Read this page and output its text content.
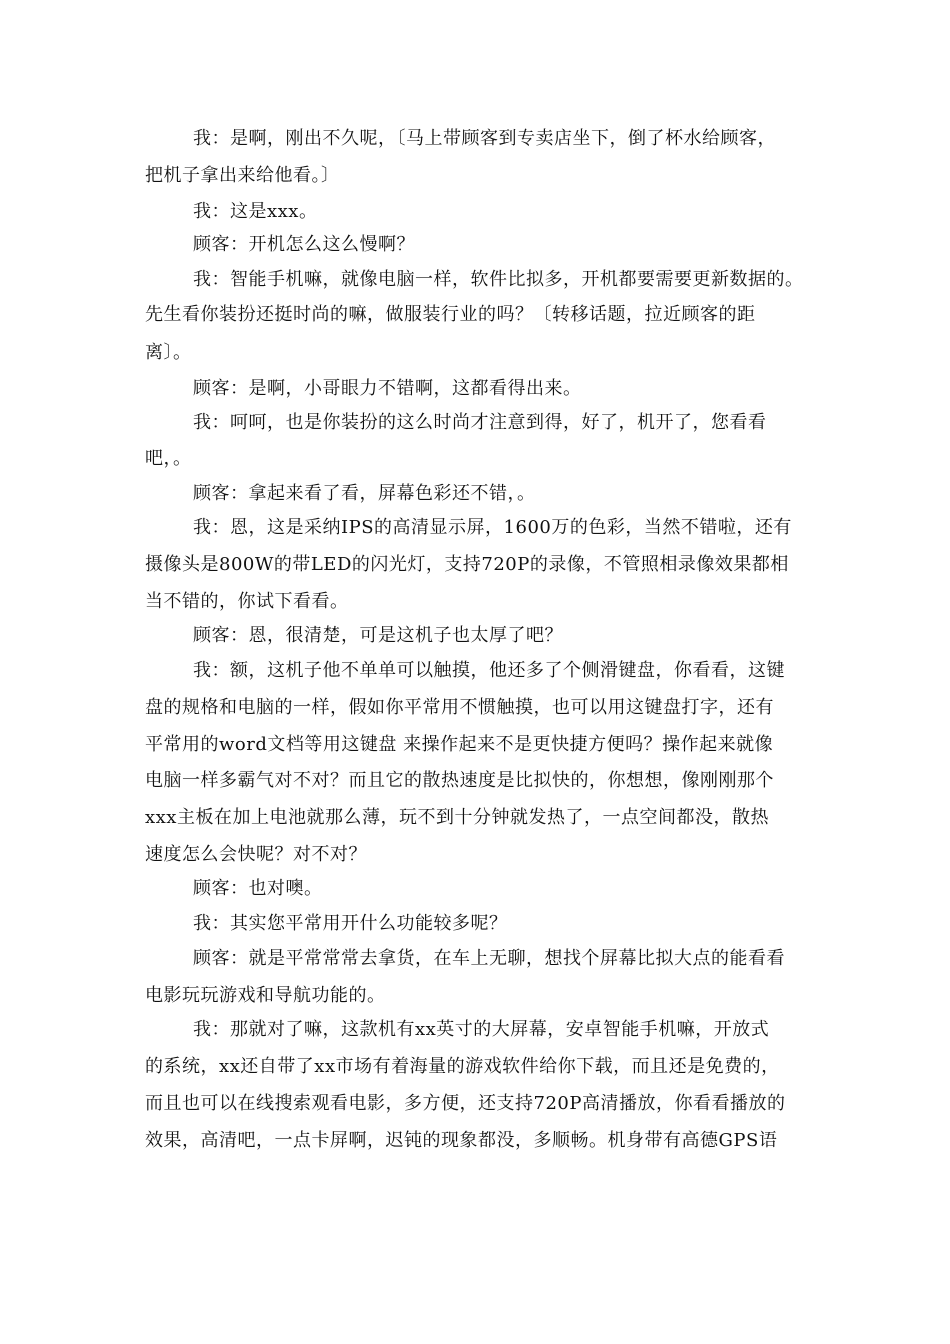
我：是啊，刚出不久呢，〔马上带顾客到专卖店坐下，倒了杯水给顾客，
把机子拿出来给他看。〕
我：这是xxx。
顾客：开机怎么这么慢啊？
我：智能手机嘛，就像电脑一样，软件比拟多，开机都要需要更新数据的。
先生看你装扮还挺时尚的嘛，做服装行业的吗？〔转移话题，拉近顾客的距
离〕。
顾客：是啊，小哥眼力不错啊，这都看得出来。
我：呵呵，也是你装扮的这么时尚才注意到得，好了，机开了，您看看
吧，。
顾客：拿起来看了看，屏幕色彩还不错，。
我：恩，这是采纳IPS的高清显示屏，1600万的色彩，当然不错啦，还有
摄像头是800W的带LED的闪光灯，支持720P的录像，不管照相录像效果都相
当不错的，你试下看看。
顾客：恩，很清楚，可是这机子也太厚了吧？
我：额，这机子他不单单可以触摸，他还多了个侧滑键盘，你看看，这键
盘的规格和电脑的一样，假如你平常用不惯触摸，也可以用这键盘打字，还有
平常用的word文档等用这键盘 来操作起来不是更快捷方便吗？操作起来就像
电脑一样多霸气对不对？而且它的散热速度是比拟快的，你想想，像刚刚那个
xxx主板在加上电池就那么薄，玩不到十分钟就发热了，一点空间都没，散热
速度怎么会快呢？对不对？
顾客：也对噢。
我：其实您平常用开什么功能较多呢？
顾客：就是平常常常去拿货，在车上无聊，想找个屏幕比拟大点的能看看
电影玩玩游戏和导航功能的。
我：那就对了嘛，这款机有xx英寸的大屏幕，安卓智能手机嘛，开放式
的系统，xx还自带了xx市场有着海量的游戏软件给你下载，而且还是免费的，
而且也可以在线搜索观看电影，多方便，还支持720P高清播放，你看看播放的
效果，高清吧，一点卡屏啊，迟钝的现象都没，多顺畅。机身带有高德GPS语
